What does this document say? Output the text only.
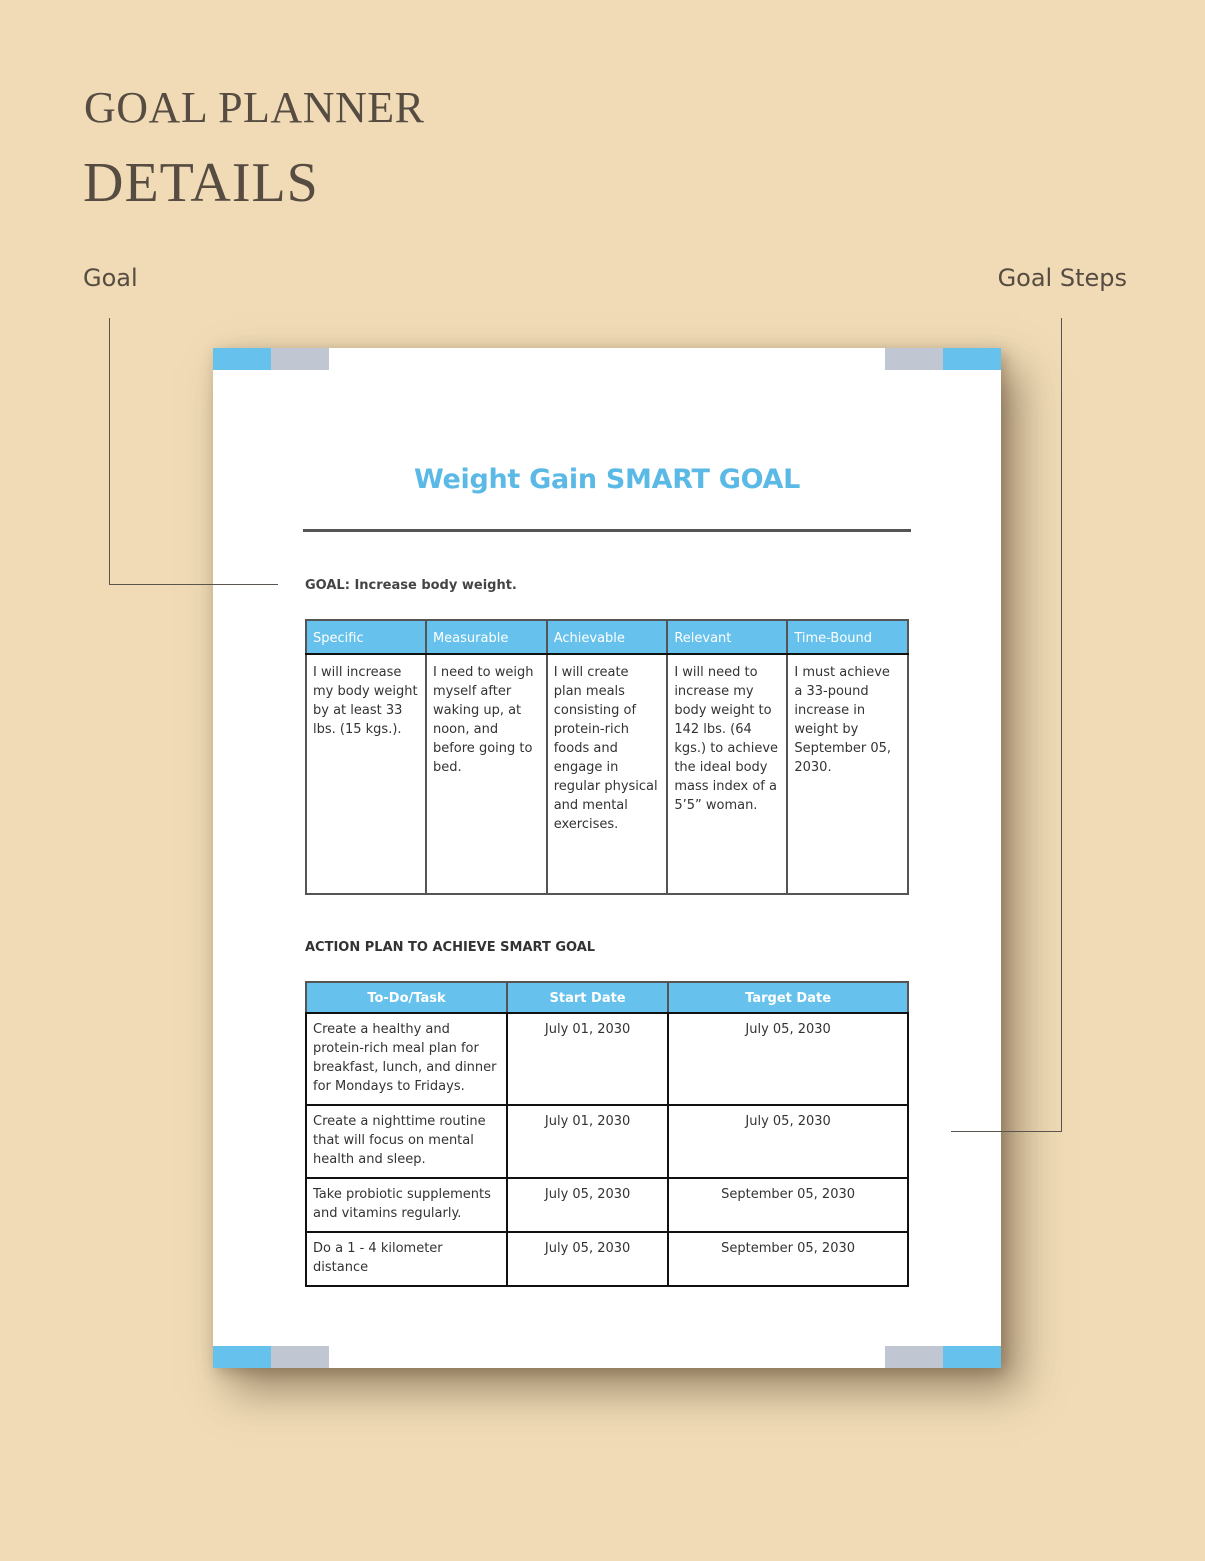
GOAL PLANNER
DETAILS
Goal	Goal Steps
Weight Gain SMART GOAL
GOAL: Increase body weight.
Specific	Measurable	Achievable	Relevant	Time-Bound
I will increase my body weight by at least 33 lbs. (15 kgs.).	I need to weigh myself after waking up, at noon, and before going to bed.	I will create plan meals consisting of protein-rich foods and engage in regular physical and mental exercises.	I will need to increase my body weight to 142 lbs. (64 kgs.) to achieve the ideal body mass index of a 5’5” woman.	I must achieve a 33-pound increase in weight by September 05, 2030.
ACTION PLAN TO ACHIEVE SMART GOAL
To-Do/Task	Start Date	Target Date
Create a healthy and protein-rich meal plan for breakfast, lunch, and dinner for Mondays to Fridays.	July 01, 2030	July 05, 2030
Create a nighttime routine that will focus on mental health and sleep.	July 01, 2030	July 05, 2030
Take probiotic supplements and vitamins regularly.	July 05, 2030	September 05, 2030
Do a 1 - 4 kilometer distance	July 05, 2030	September 05, 2030
